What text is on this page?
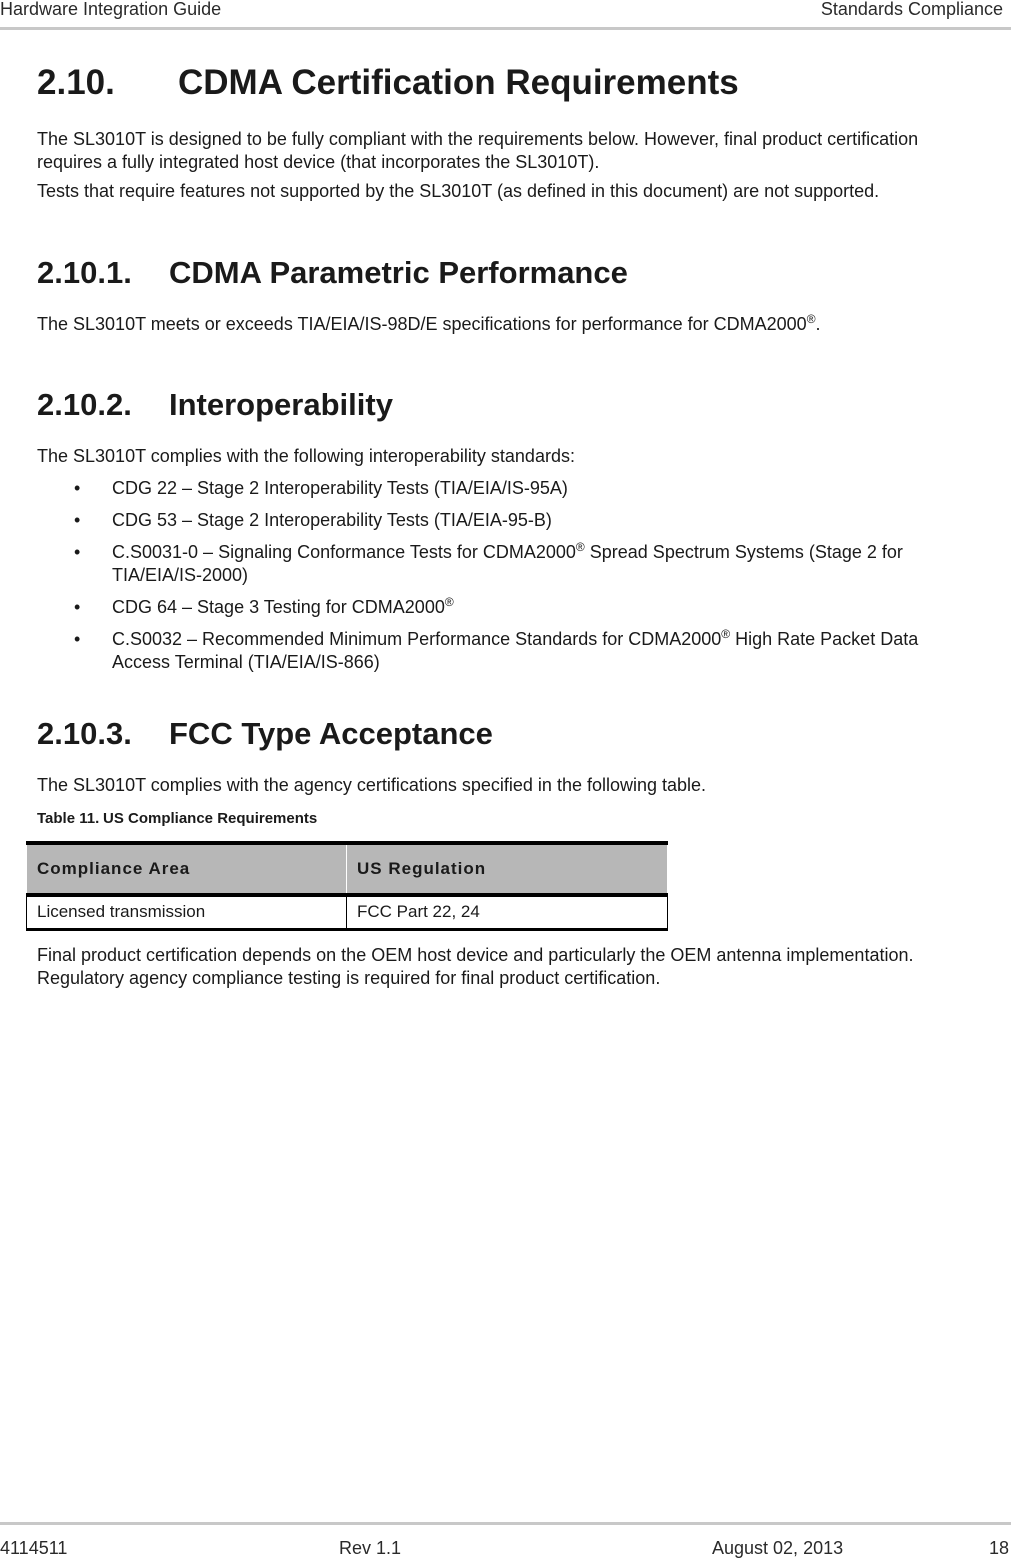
Hardware Integration Guide	Standards Compliance
2.10. CDMA Certification Requirements

The SL3010T is designed to be fully compliant with the requirements below. However, final product certification requires a fully integrated host device (that incorporates the SL3010T).

Tests that require features not supported by the SL3010T (as defined in this document) are not supported.

2.10.1. CDMA Parametric Performance

The SL3010T meets or exceeds TIA/EIA/IS-98D/E specifications for performance for CDMA2000®.

2.10.2. Interoperability

The SL3010T complies with the following interoperability standards:

• CDG 22 – Stage 2 Interoperability Tests (TIA/EIA/IS-95A)
• CDG 53 – Stage 2 Interoperability Tests (TIA/EIA-95-B)
• C.S0031-0 – Signaling Conformance Tests for CDMA2000® Spread Spectrum Systems (Stage 2 for TIA/EIA/IS-2000)
• CDG 64 – Stage 3 Testing for CDMA2000®
• C.S0032 – Recommended Minimum Performance Standards for CDMA2000® High Rate Packet Data Access Terminal (TIA/EIA/IS-866)
2.10.3. FCC Type Acceptance

The SL3010T complies with the agency certifications specified in the following table.

Table 11. US Compliance Requirements
Compliance Area	US Regulation
Licensed transmission	FCC Part 22, 24

Final product certification depends on the OEM host device and particularly the OEM antenna implementation. Regulatory agency compliance testing is required for final product certification.

4114511	Rev 1.1	August 02, 2013	18
